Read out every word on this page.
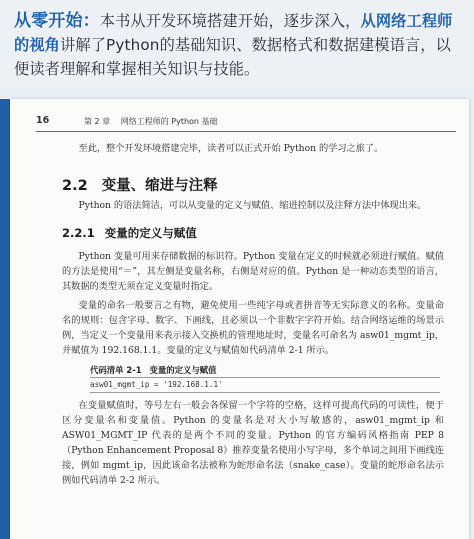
从零开始：本书从开发环境搭建开始，逐步深入，从网络工程师的视角讲解了Python的基础知识、数据格式和数据建模语言，以便读者理解和掌握相关知识与技能。
16	第 2 章 网络工程师的 Python 基础

至此，整个开发环境搭建完毕，读者可以正式开始 Python 的学习之旅了。

2.2 变量、缩进与注释

Python 的语法简洁，可以从变量的定义与赋值、缩进控制以及注释方法中体现出来。

2.2.1 变量的定义与赋值

Python 变量可用来存储数据的标识符。Python 变量在定义的时候就必须进行赋值。赋值的方法是使用“＝”，其左侧是变量名称，右侧是对应的值。Python 是一种动态类型的语言，其数据的类型无须在定义变量时指定。

变量的命名一般要言之有物，避免使用一些纯字母或者拼音等无实际意义的名称。变量命名的规则：包含字母、数字、下画线，且必须以一个非数字字符开始。结合网络运维的场景示例，当定义一个变量用来表示接入交换机的管理地址时，变量名可命名为 asw01_mgmt_ip，并赋值为 192.168.1.1。变量的定义与赋值如代码清单 2-1 所示。

代码清单 2-1 变量的定义与赋值
asw01_mgmt_ip = '192.168.1.1'

在变量赋值时，等号左右一般会各保留一个字符的空格，这样可提高代码的可读性，便于区分变量名和变量值。Python 的变量名是对大小写敏感的，asw01_mgmt_ip 和 ASW01_MGMT_IP 代表的是两个不同的变量。Python 的官方编码风格指南 PEP 8（Python Enhancement Proposal 8）推荐变量名使用小写字母，多个单词之间用下画线连接，例如 mgmt_ip，因此该命名法被称为蛇形命名法（snake_case）。变量的蛇形命名法示例如代码清单 2-2 所示。
